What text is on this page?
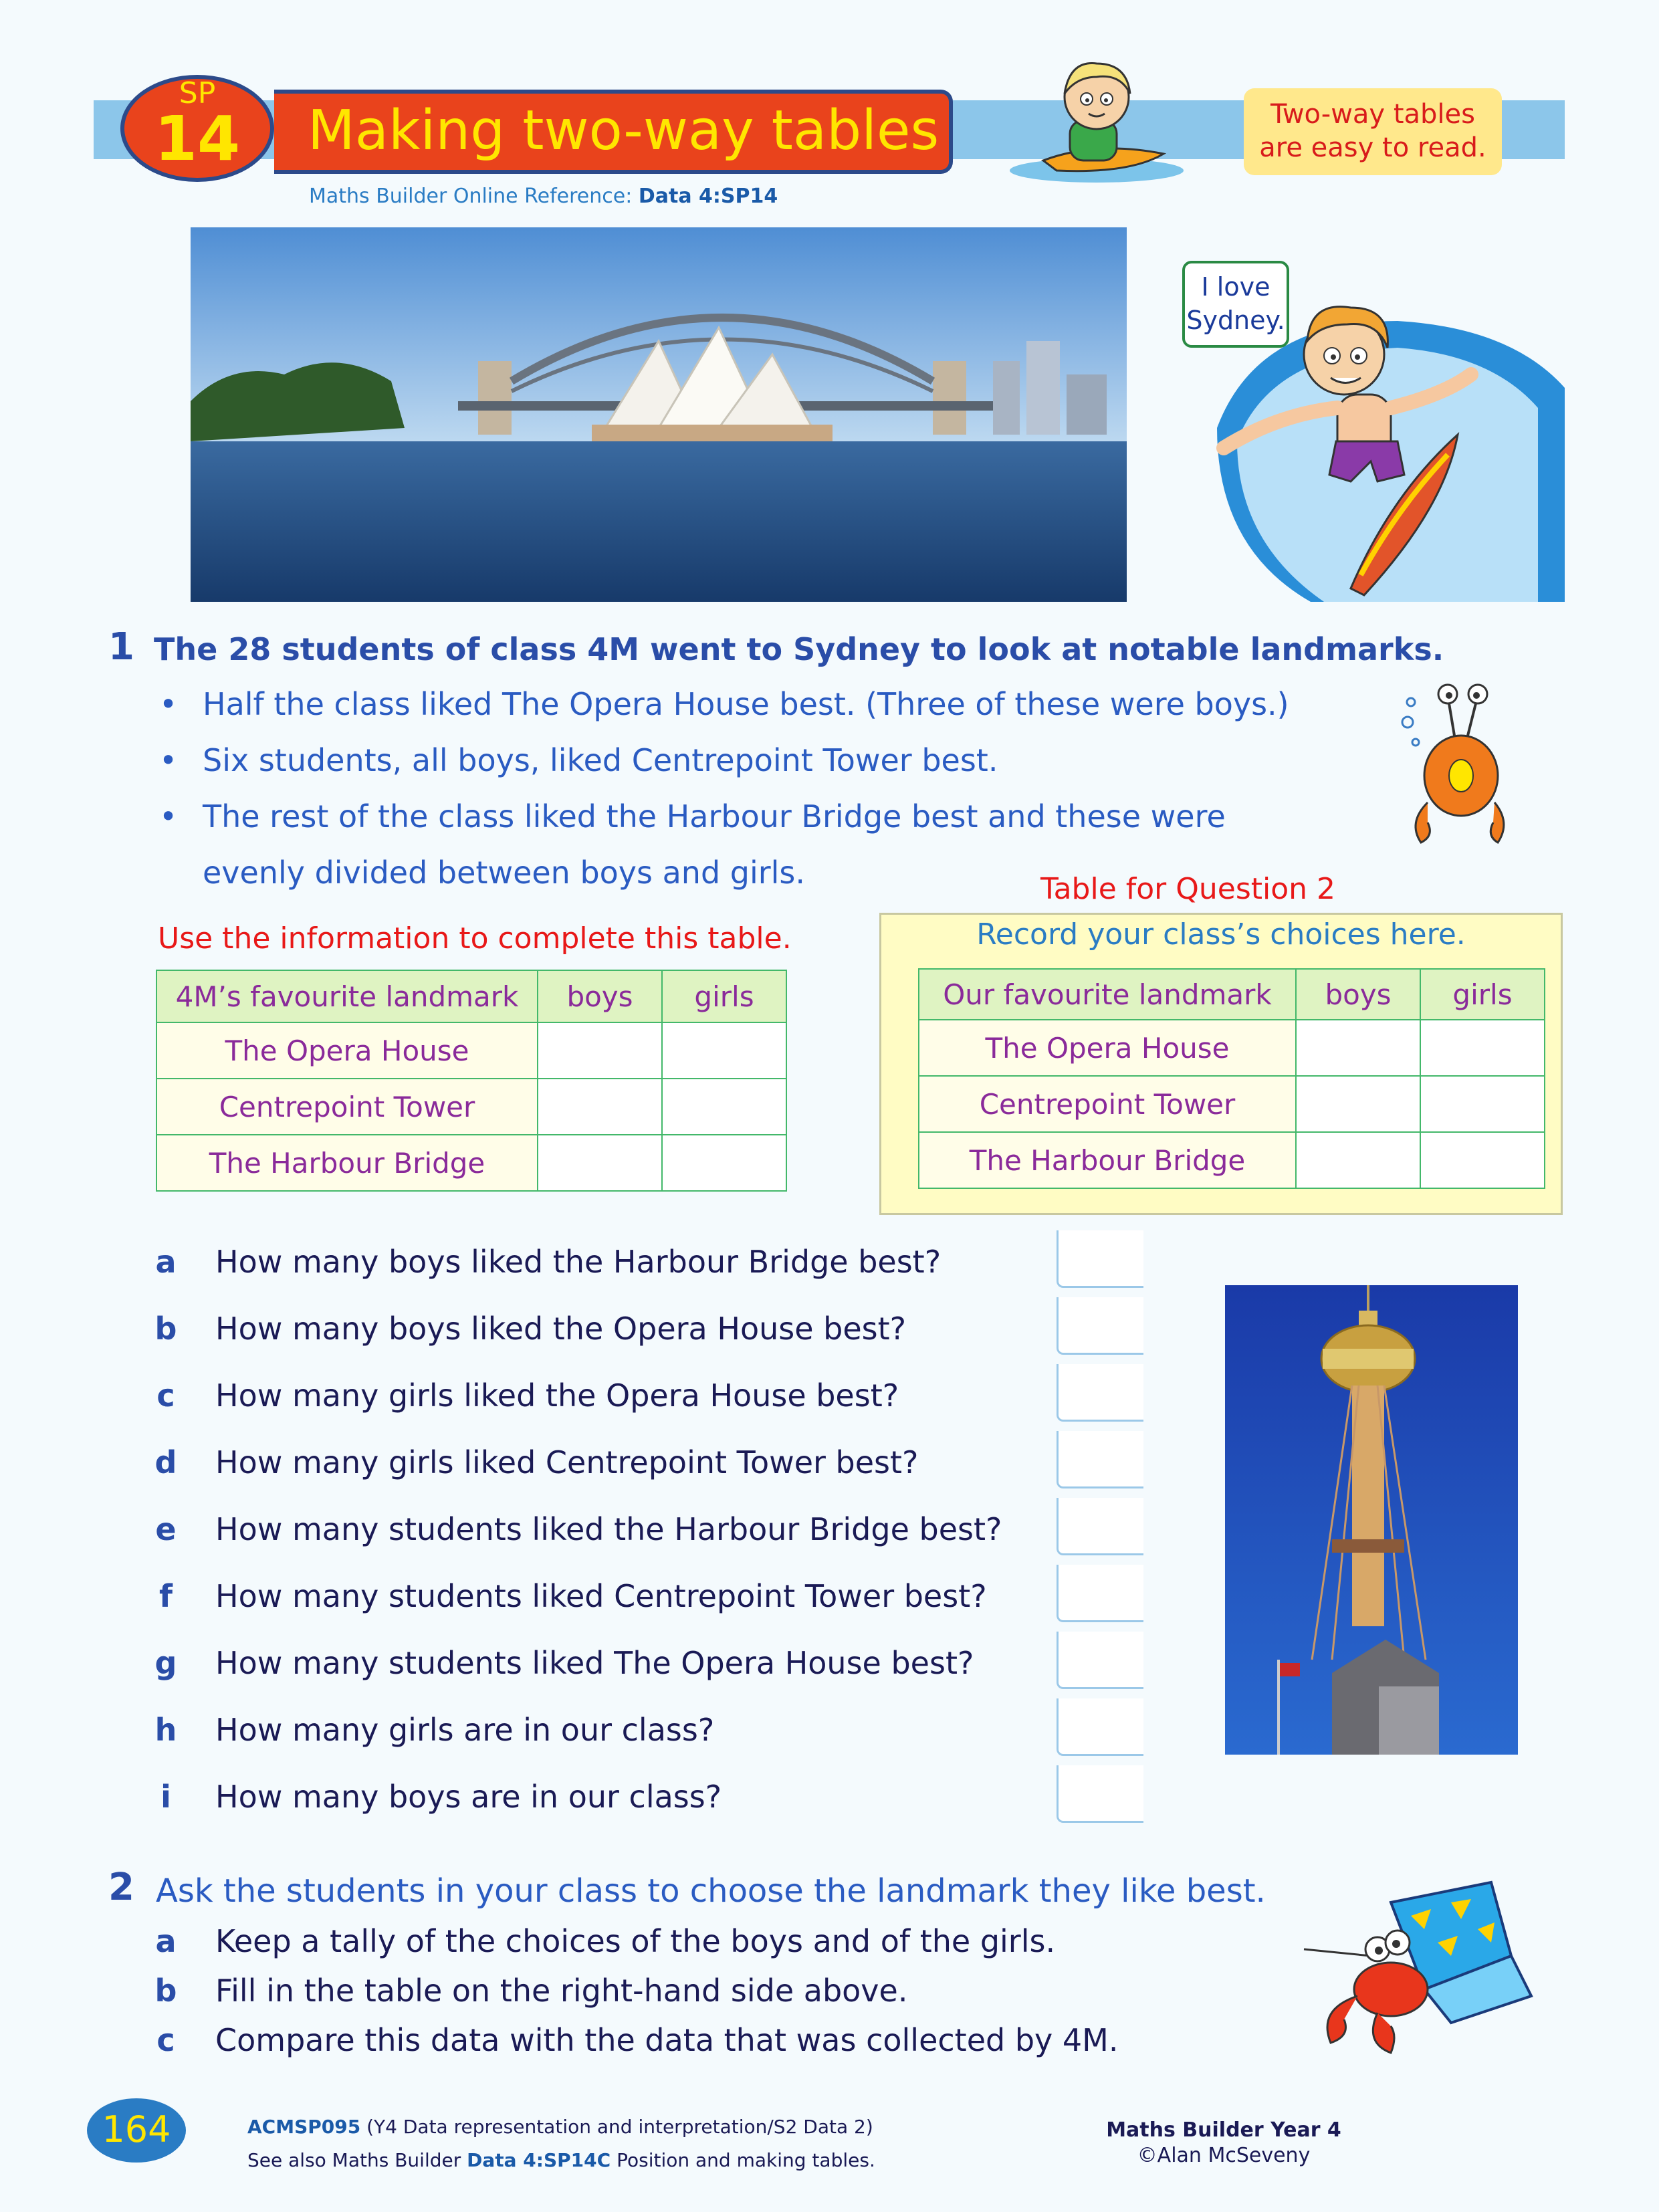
SP
14	Making two-way tables
Maths Builder Online Reference: Data 4:SP14
Two-way tables
are easy to read.
I love
Sydney.
1 The 28 students of class 4M went to Sydney to look at notable landmarks.
• Half the class liked The Opera House best. (Three of these were boys.)
• Six students, all boys, liked Centrepoint Tower best.
• The rest of the class liked the Harbour Bridge best and these were
evenly divided between boys and girls.	Table for Question 2
Use the information to complete this table.
4M’s favourite landmark	boys	girls
The Opera House		
Centrepoint Tower		
The Harbour Bridge		
Record your class’s choices here.
Our favourite landmark	boys	girls
The Opera House		
Centrepoint Tower		
The Harbour Bridge		
a How many boys liked the Harbour Bridge best?
b How many boys liked the Opera House best?
c How many girls liked the Opera House best?
d How many girls liked Centrepoint Tower best?
e How many students liked the Harbour Bridge best?
f How many students liked Centrepoint Tower best?
g How many students liked The Opera House best?
h How many girls are in our class?
i How many boys are in our class?
2 Ask the students in your class to choose the landmark they like best.
a Keep a tally of the choices of the boys and of the girls.
b Fill in the table on the right-hand side above.
c Compare this data with the data that was collected by 4M.
164	ACMSP095 (Y4 Data representation and interpretation/S2 Data 2)
See also Maths Builder Data 4:SP14C Position and making tables.
Maths Builder Year 4
©Alan McSeveny
